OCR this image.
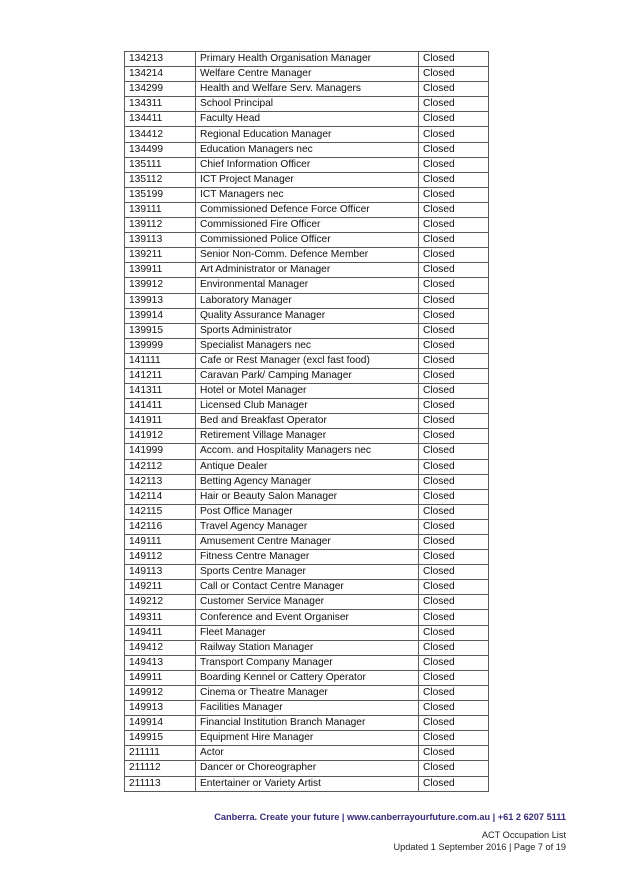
134213	Primary Health Organisation Manager	Closed
134214	Welfare Centre Manager	Closed
134299	Health and Welfare Serv. Managers	Closed
134311	School Principal	Closed
134411	Faculty Head	Closed
134412	Regional Education Manager	Closed
134499	Education Managers nec	Closed
135111	Chief Information Officer	Closed
135112	ICT Project Manager	Closed
135199	ICT Managers nec	Closed
139111	Commissioned Defence Force Officer	Closed
139112	Commissioned Fire Officer	Closed
139113	Commissioned Police Officer	Closed
139211	Senior Non-Comm. Defence Member	Closed
139911	Art Administrator or Manager	Closed
139912	Environmental Manager	Closed
139913	Laboratory Manager	Closed
139914	Quality Assurance Manager	Closed
139915	Sports Administrator	Closed
139999	Specialist Managers nec	Closed
141111	Cafe or Rest Manager (excl fast food)	Closed
141211	Caravan Park/ Camping Manager	Closed
141311	Hotel or Motel Manager	Closed
141411	Licensed Club Manager	Closed
141911	Bed and Breakfast Operator	Closed
141912	Retirement Village Manager	Closed
141999	Accom. and Hospitality Managers nec	Closed
142112	Antique Dealer	Closed
142113	Betting Agency Manager	Closed
142114	Hair or Beauty Salon Manager	Closed
142115	Post Office Manager	Closed
142116	Travel Agency Manager	Closed
149111	Amusement Centre Manager	Closed
149112	Fitness Centre Manager	Closed
149113	Sports Centre Manager	Closed
149211	Call or Contact Centre Manager	Closed
149212	Customer Service Manager	Closed
149311	Conference and Event Organiser	Closed
149411	Fleet Manager	Closed
149412	Railway Station Manager	Closed
149413	Transport Company Manager	Closed
149911	Boarding Kennel or Cattery Operator	Closed
149912	Cinema or Theatre Manager	Closed
149913	Facilities Manager	Closed
149914	Financial Institution Branch Manager	Closed
149915	Equipment Hire Manager	Closed
211111	Actor	Closed
211112	Dancer or Choreographer	Closed
211113	Entertainer or Variety Artist	Closed
Canberra. Create your future | www.canberrayourfuture.com.au | +61 2 6207 5111
ACT Occupation List
Updated 1 September 2016 | Page 7 of 19
